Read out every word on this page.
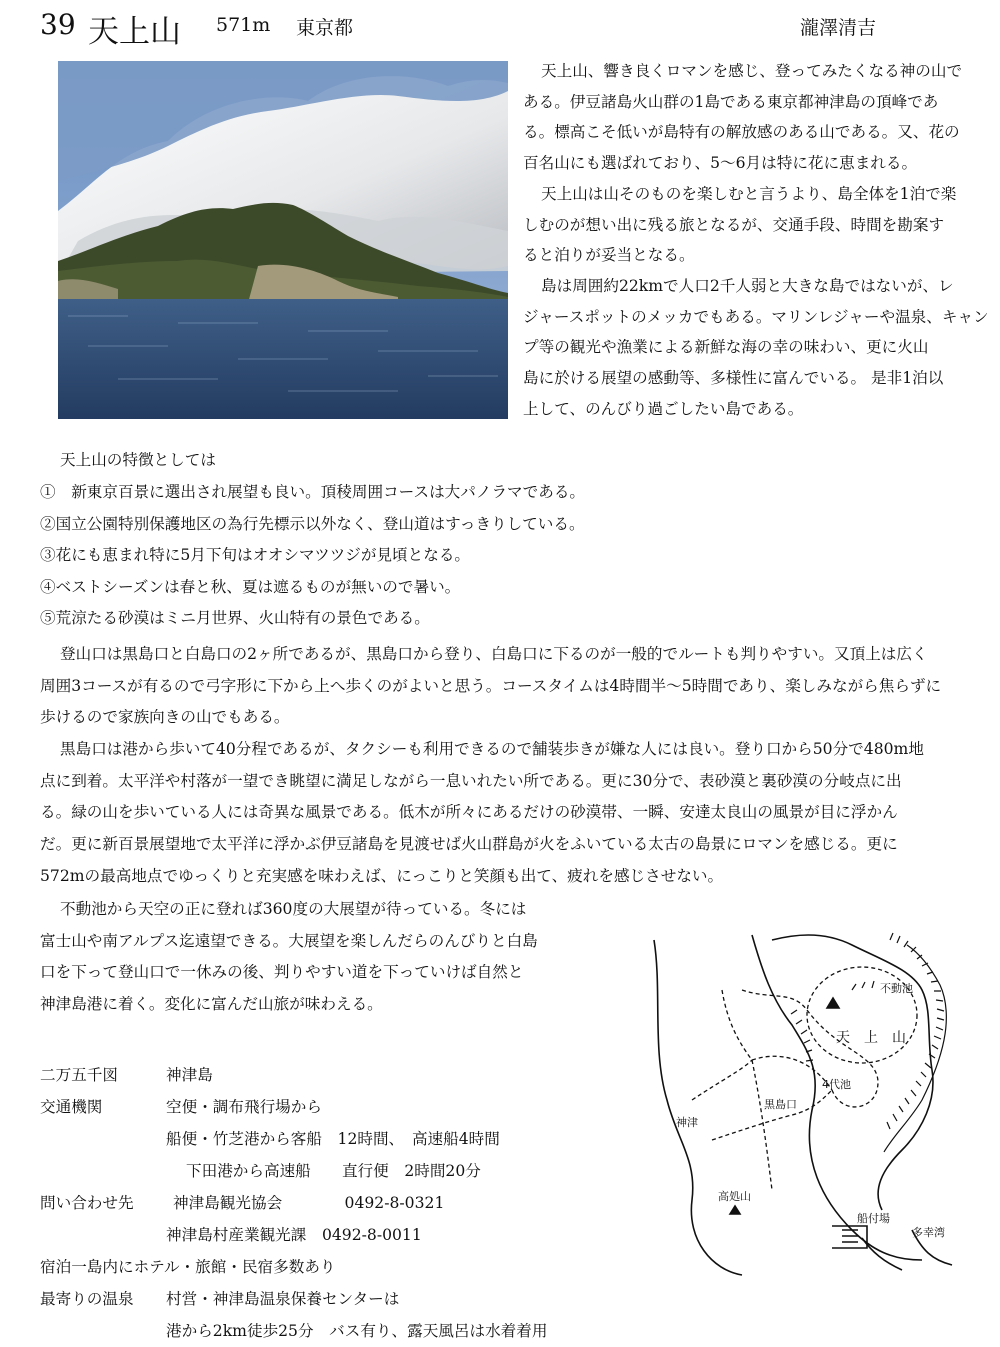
39 天上山 571m 東京都	瀧澤清吉
天上山、響き良くロマンを感じ、登ってみたくなる神の山で
ある。伊豆諸島火山群の1島である東京都神津島の頂峰であ
る。標高こそ低いが島特有の解放感のある山である。又、花の
百名山にも選ばれており、5〜6月は特に花に恵まれる。
天上山は山そのものを楽しむと言うより、島全体を1泊で楽
しむのが想い出に残る旅となるが、交通手段、時間を勘案す
ると泊りが妥当となる。
島は周囲約22kmで人口2千人弱と大きな島ではないが、レ
ジャースポットのメッカでもある。マリンレジャーや温泉、キャン
プ等の観光や漁業による新鮮な海の幸の味わい、更に火山
島に於ける展望の感動等、多様性に富んでいる。 是非1泊以
上して、のんびり過ごしたい島である。
天上山の特徴としては
①　新東京百景に選出され展望も良い。頂稜周囲コースは大パノラマである。
②国立公園特別保護地区の為行先標示以外なく、登山道はすっきりしている。
③花にも恵まれ特に5月下旬はオオシマツツジが見頃となる。
④ベストシーズンは春と秋、夏は遮るものが無いので暑い。
⑤荒涼たる砂漠はミニ月世界、火山特有の景色である。
登山口は黒島口と白島口の2ヶ所であるが、黒島口から登り、白島口に下るのが一般的でルートも判りやすい。又頂上は広く
周囲3コースが有るので弓字形に下から上へ歩くのがよいと思う。コースタイムは4時間半〜5時間であり、楽しみながら焦らずに
歩けるので家族向きの山でもある。
黒島口は港から歩いて40分程であるが、タクシーも利用できるので舗装歩きが嫌な人には良い。登り口から50分で480m地
点に到着。太平洋や村落が一望でき眺望に満足しながら一息いれたい所である。更に30分で、表砂漠と裏砂漠の分岐点に出
る。緑の山を歩いている人には奇異な風景である。低木が所々にあるだけの砂漠帯、一瞬、安達太良山の風景が目に浮かん
だ。更に新百景展望地で太平洋に浮かぶ伊豆諸島を見渡せば火山群島が火をふいている太古の島景にロマンを感じる。更に
572mの最高地点でゆっくりと充実感を味わえば、にっこりと笑顔も出て、疲れを感じさせない。
不動池から天空の正に登れば360度の大展望が待っている。冬には
富士山や南アルプス迄遠望できる。大展望を楽しんだらのんびりと白島
口を下って登山口で一休みの後、判りやすい道を下っていけば自然と
神津島港に着く。変化に富んだ山旅が味わえる。
二万五千図	神津島
交通機関	空便・調布飛行場から
船便・竹芝港から客船　12時間、　高速船4時間
下田港から高速船　　直行便　2時間20分
問い合わせ先	神津島観光協会　　　　0492-8-0321
神津島村産業観光課　0492-8-0011
宿泊一島内にホテル・旅館・民宿多数あり
最寄りの温泉 村営・神津島温泉保養センターは
港から2km徒歩25分　バス有り、露天風呂は水着着用
不動池
天　上　山
4代池
黒島口
神津
高処山
船付場
多幸湾
